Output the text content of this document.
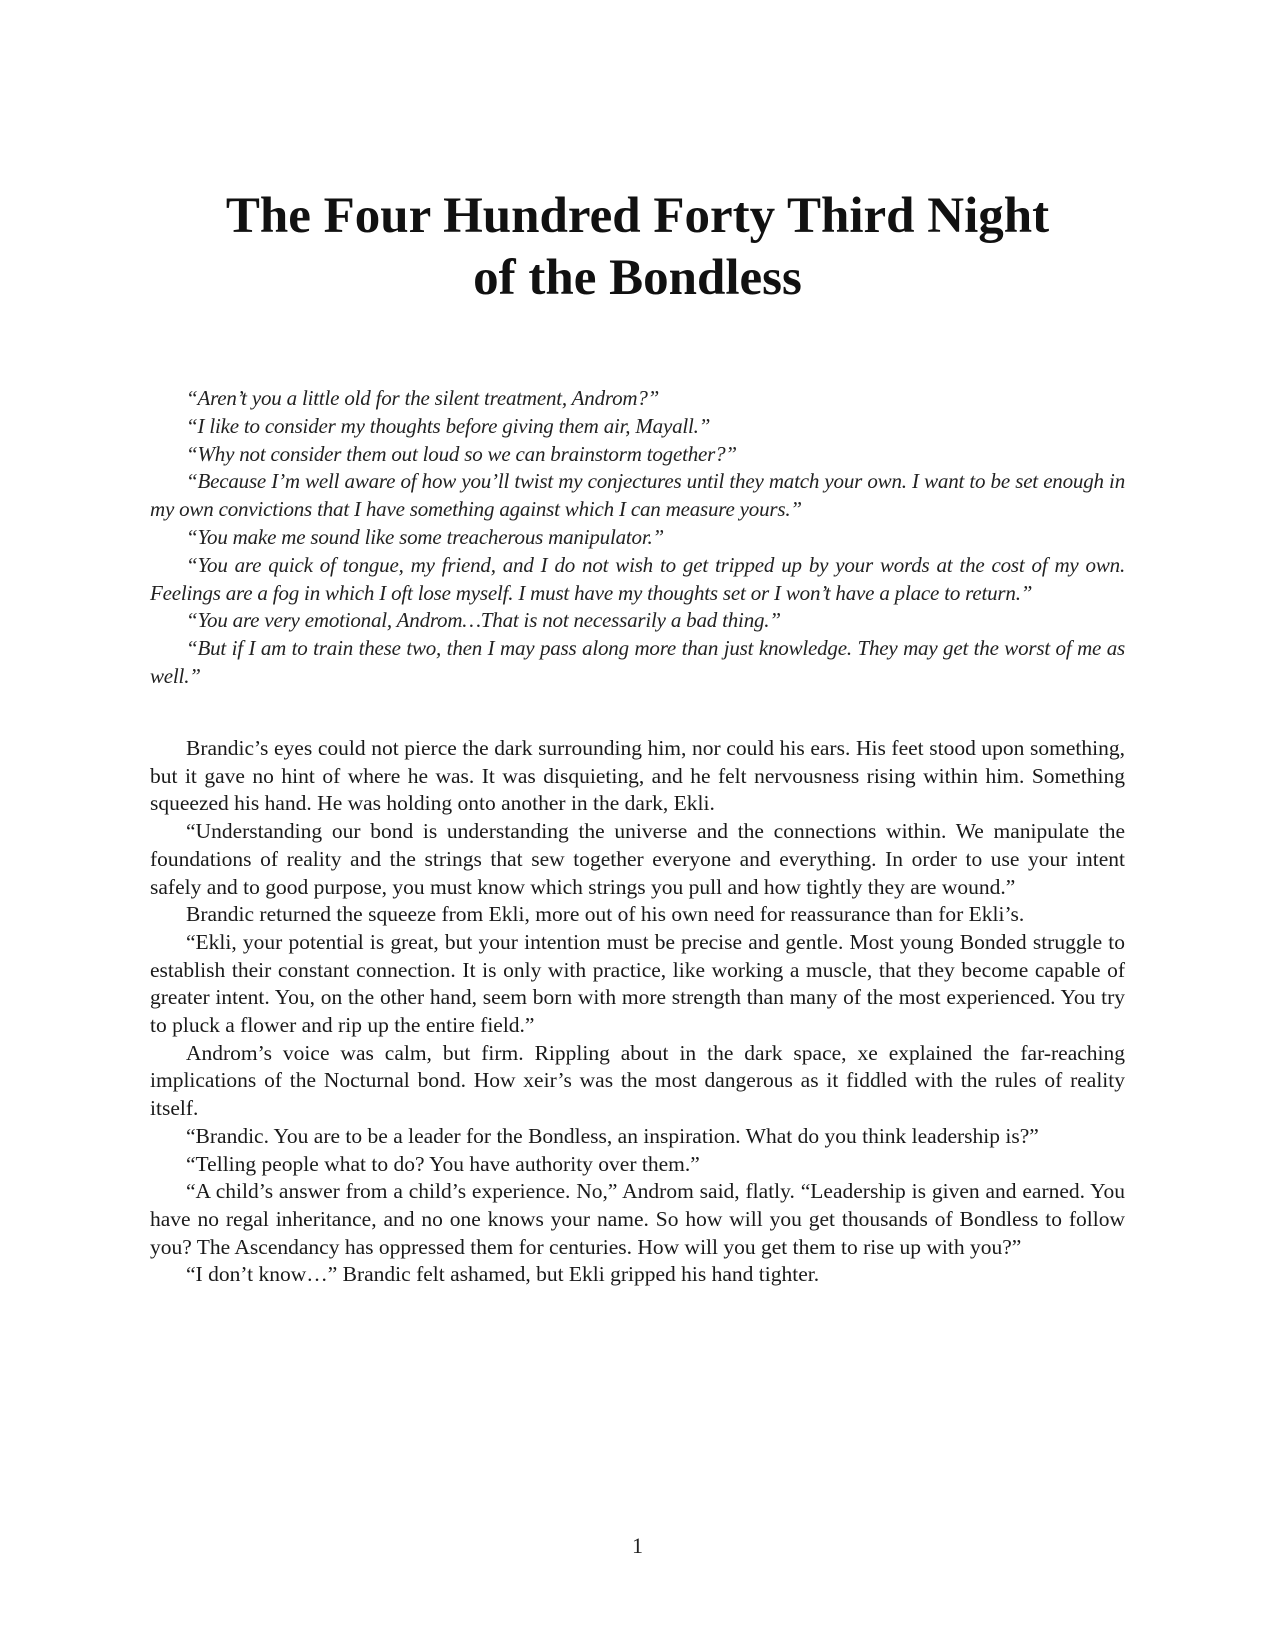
The Four Hundred Forty Third Night
of the Bondless

“Aren’t you a little old for the silent treatment, Androm?”

“I like to consider my thoughts before giving them air, Mayall.”

“Why not consider them out loud so we can brainstorm together?”

“Because I’m well aware of how you’ll twist my conjectures until they match your own. I want to be set enough in my own convictions that I have something against which I can measure yours.”

“You make me sound like some treacherous manipulator.”

“You are quick of tongue, my friend, and I do not wish to get tripped up by your words at the cost of my own. Feelings are a fog in which I oft lose myself. I must have my thoughts set or I won’t have a place to return.”

“You are very emotional, Androm…That is not necessarily a bad thing.”

“But if I am to train these two, then I may pass along more than just knowledge. They may get the worst of me as well.”

Brandic’s eyes could not pierce the dark surrounding him, nor could his ears. His feet stood upon something, but it gave no hint of where he was. It was disquieting, and he felt nervousness rising within him. Something squeezed his hand. He was holding onto another in the dark, Ekli.

“Understanding our bond is understanding the universe and the connections within. We manipulate the foundations of reality and the strings that sew together everyone and everything. In order to use your intent safely and to good purpose, you must know which strings you pull and how tightly they are wound.”

Brandic returned the squeeze from Ekli, more out of his own need for reassurance than for Ekli’s.

“Ekli, your potential is great, but your intention must be precise and gentle. Most young Bonded struggle to establish their constant connection. It is only with practice, like working a muscle, that they become capable of greater intent. You, on the other hand, seem born with more strength than many of the most experienced. You try to pluck a flower and rip up the entire field.”

Androm’s voice was calm, but firm. Rippling about in the dark space, xe explained the far-reaching implications of the Nocturnal bond. How xeir’s was the most dangerous as it fiddled with the rules of reality itself.

“Brandic. You are to be a leader for the Bondless, an inspiration. What do you think leadership is?”

“Telling people what to do? You have authority over them.”

“A child’s answer from a child’s experience. No,” Androm said, flatly. “Leadership is given and earned. You have no regal inheritance, and no one knows your name. So how will you get thousands of Bondless to follow you? The Ascendancy has oppressed them for centuries. How will you get them to rise up with you?”

“I don’t know…” Brandic felt ashamed, but Ekli gripped his hand tighter.

1
